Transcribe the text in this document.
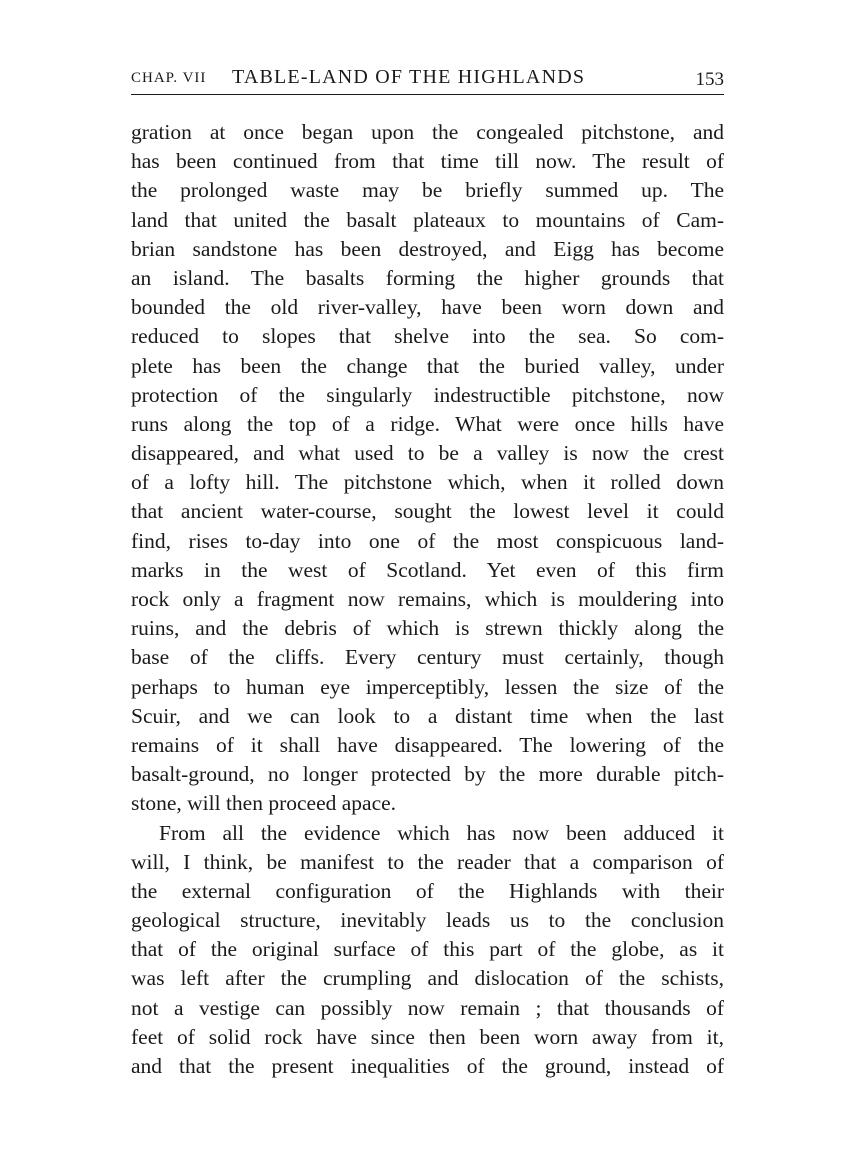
CHAP. VII TABLE-LAND OF THE HIGHLANDS	153
gration at once began upon the congealed pitchstone, and
has been continued from that time till now. The result of
the prolonged waste may be briefly summed up. The
land that united the basalt plateaux to mountains of Cam-
brian sandstone has been destroyed, and Eigg has become
an island. The basalts forming the higher grounds that
bounded the old river-valley, have been worn down and
reduced to slopes that shelve into the sea. So com-
plete has been the change that the buried valley, under
protection of the singularly indestructible pitchstone, now
runs along the top of a ridge. What were once hills have
disappeared, and what used to be a valley is now the crest
of a lofty hill. The pitchstone which, when it rolled down
that ancient water-course, sought the lowest level it could
find, rises to-day into one of the most conspicuous land-
marks in the west of Scotland. Yet even of this firm
rock only a fragment now remains, which is mouldering into
ruins, and the debris of which is strewn thickly along the
base of the cliffs. Every century must certainly, though
perhaps to human eye imperceptibly, lessen the size of the
Scuir, and we can look to a distant time when the last
remains of it shall have disappeared. The lowering of the
basalt-ground, no longer protected by the more durable pitch-
stone, will then proceed apace.
From all the evidence which has now been adduced it
will, I think, be manifest to the reader that a comparison of
the external configuration of the Highlands with their
geological structure, inevitably leads us to the conclusion
that of the original surface of this part of the globe, as it
was left after the crumpling and dislocation of the schists,
not a vestige can possibly now remain ; that thousands of
feet of solid rock have since then been worn away from it,
and that the present inequalities of the ground, instead of
